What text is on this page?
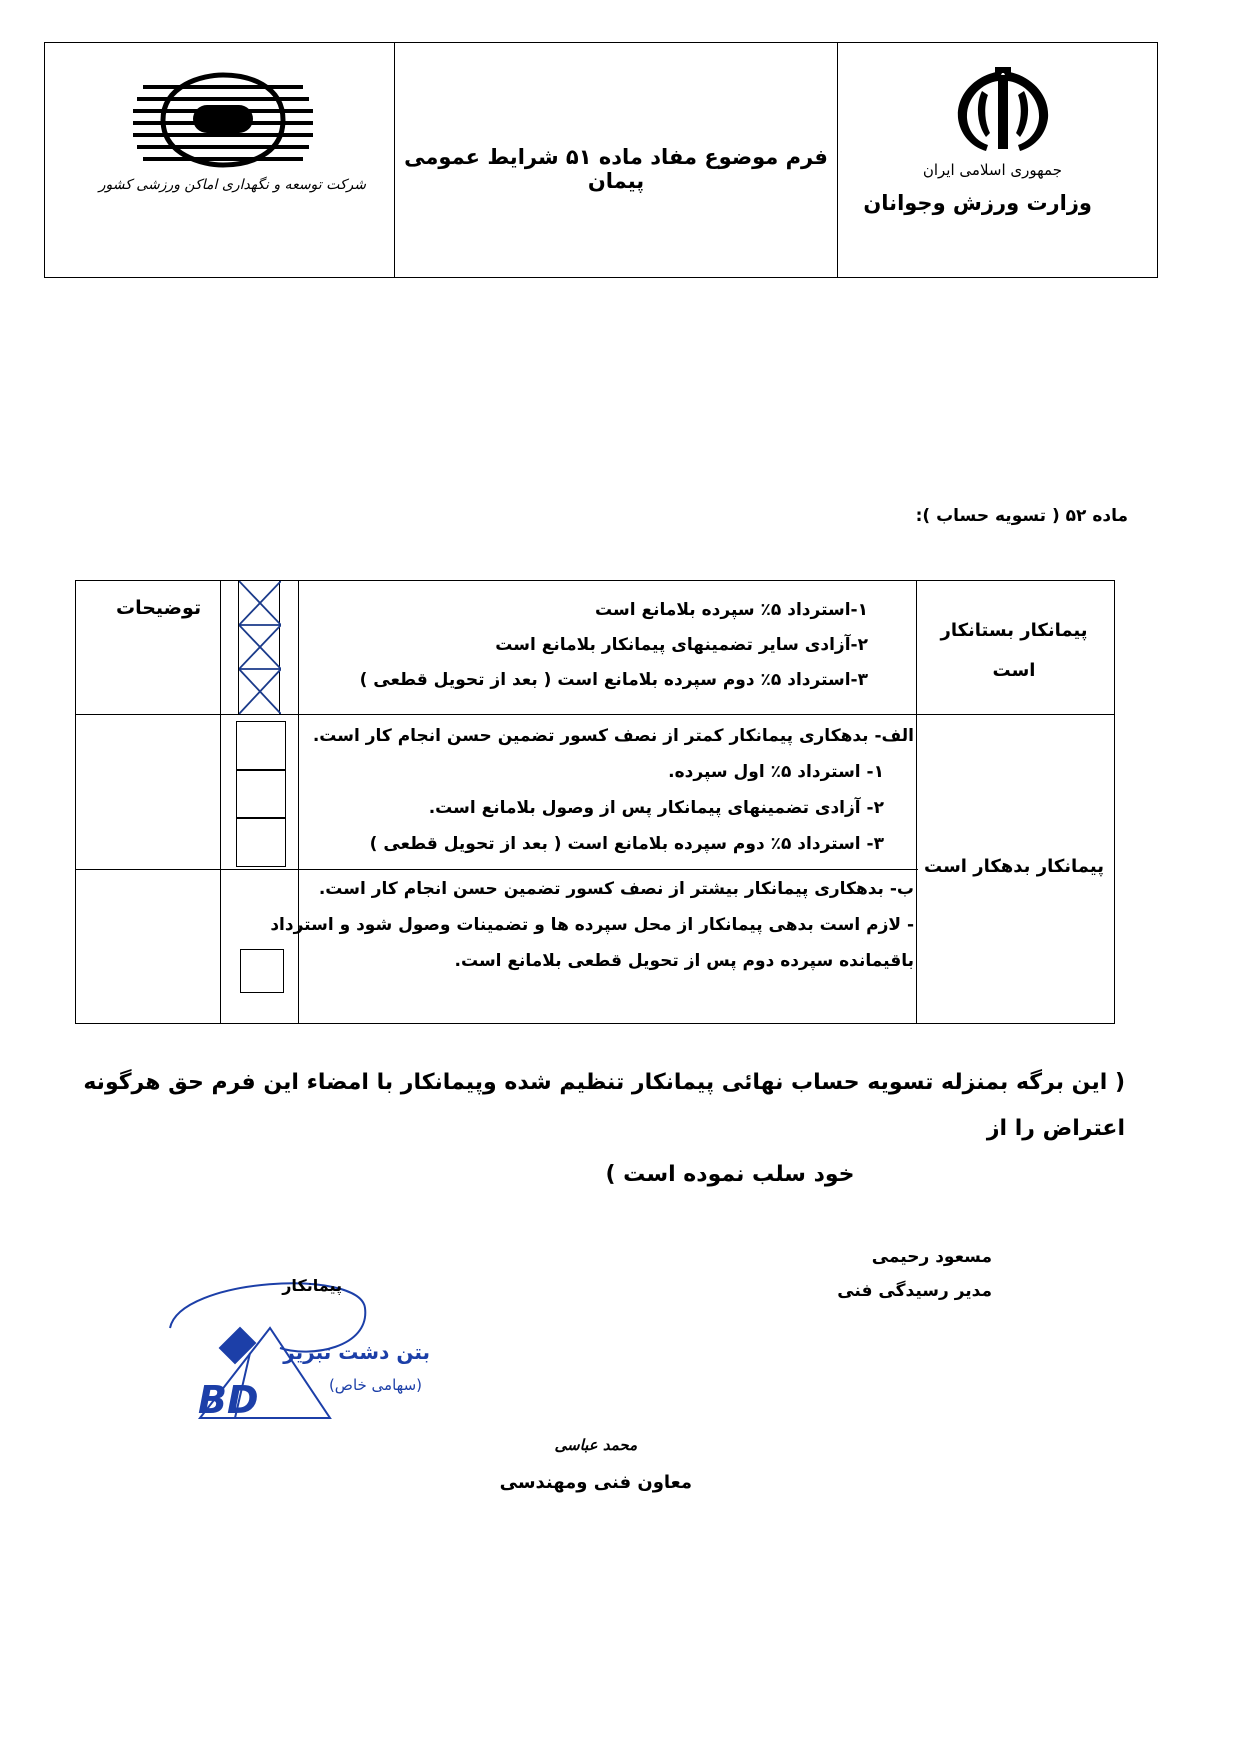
جمهوری اسلامی ایران
وزارت ورزش وجوانان
فرم موضوع مفاد ماده ۵۱ شرایط عمومی پیمان
شرکت توسعه و نگهداری اماکن ورزشی کشور
ماده ۵۲ ( تسویه حساب ):
پیمانکار بستانکار
است
۱-استرداد ۵٪ سپرده بلامانع است
۲-آزادی سایر تضمینهای پیمانکار بلامانع است
۳-استرداد ۵٪ دوم سپرده بلامانع است ( بعد از تحویل قطعی )
توضیحات
پیمانکار بدهکار است
الف- بدهکاری پیمانکار کمتر از نصف کسور تضمین حسن انجام کار است.
۱- استرداد ۵٪ اول سپرده.
۲- آزادی تضمینهای پیمانکار پس از وصول بلامانع است.
۳- استرداد ۵٪ دوم سپرده بلامانع است ( بعد از تحویل قطعی )
ب- بدهکاری پیمانکار بیشتر از نصف کسور تضمین حسن انجام کار است.
- لازم است بدهی پیمانکار از محل سپرده ها و تضمینات وصول شود و استرداد
باقیمانده سپرده دوم پس از تحویل قطعی بلامانع است.
( این برگه بمنزله تسویه حساب نهائی پیمانکار تنظیم شده وپیمانکار با امضاء این فرم حق هرگونه اعتراض را از
خود سلب نموده است )
مسعود رحیمی
مدیر رسیدگی فنی
پیمانکار
بتن دشت تبریز
(سهامی خاص)
BD
محمد عباسی
معاون فنی ومهندسی
